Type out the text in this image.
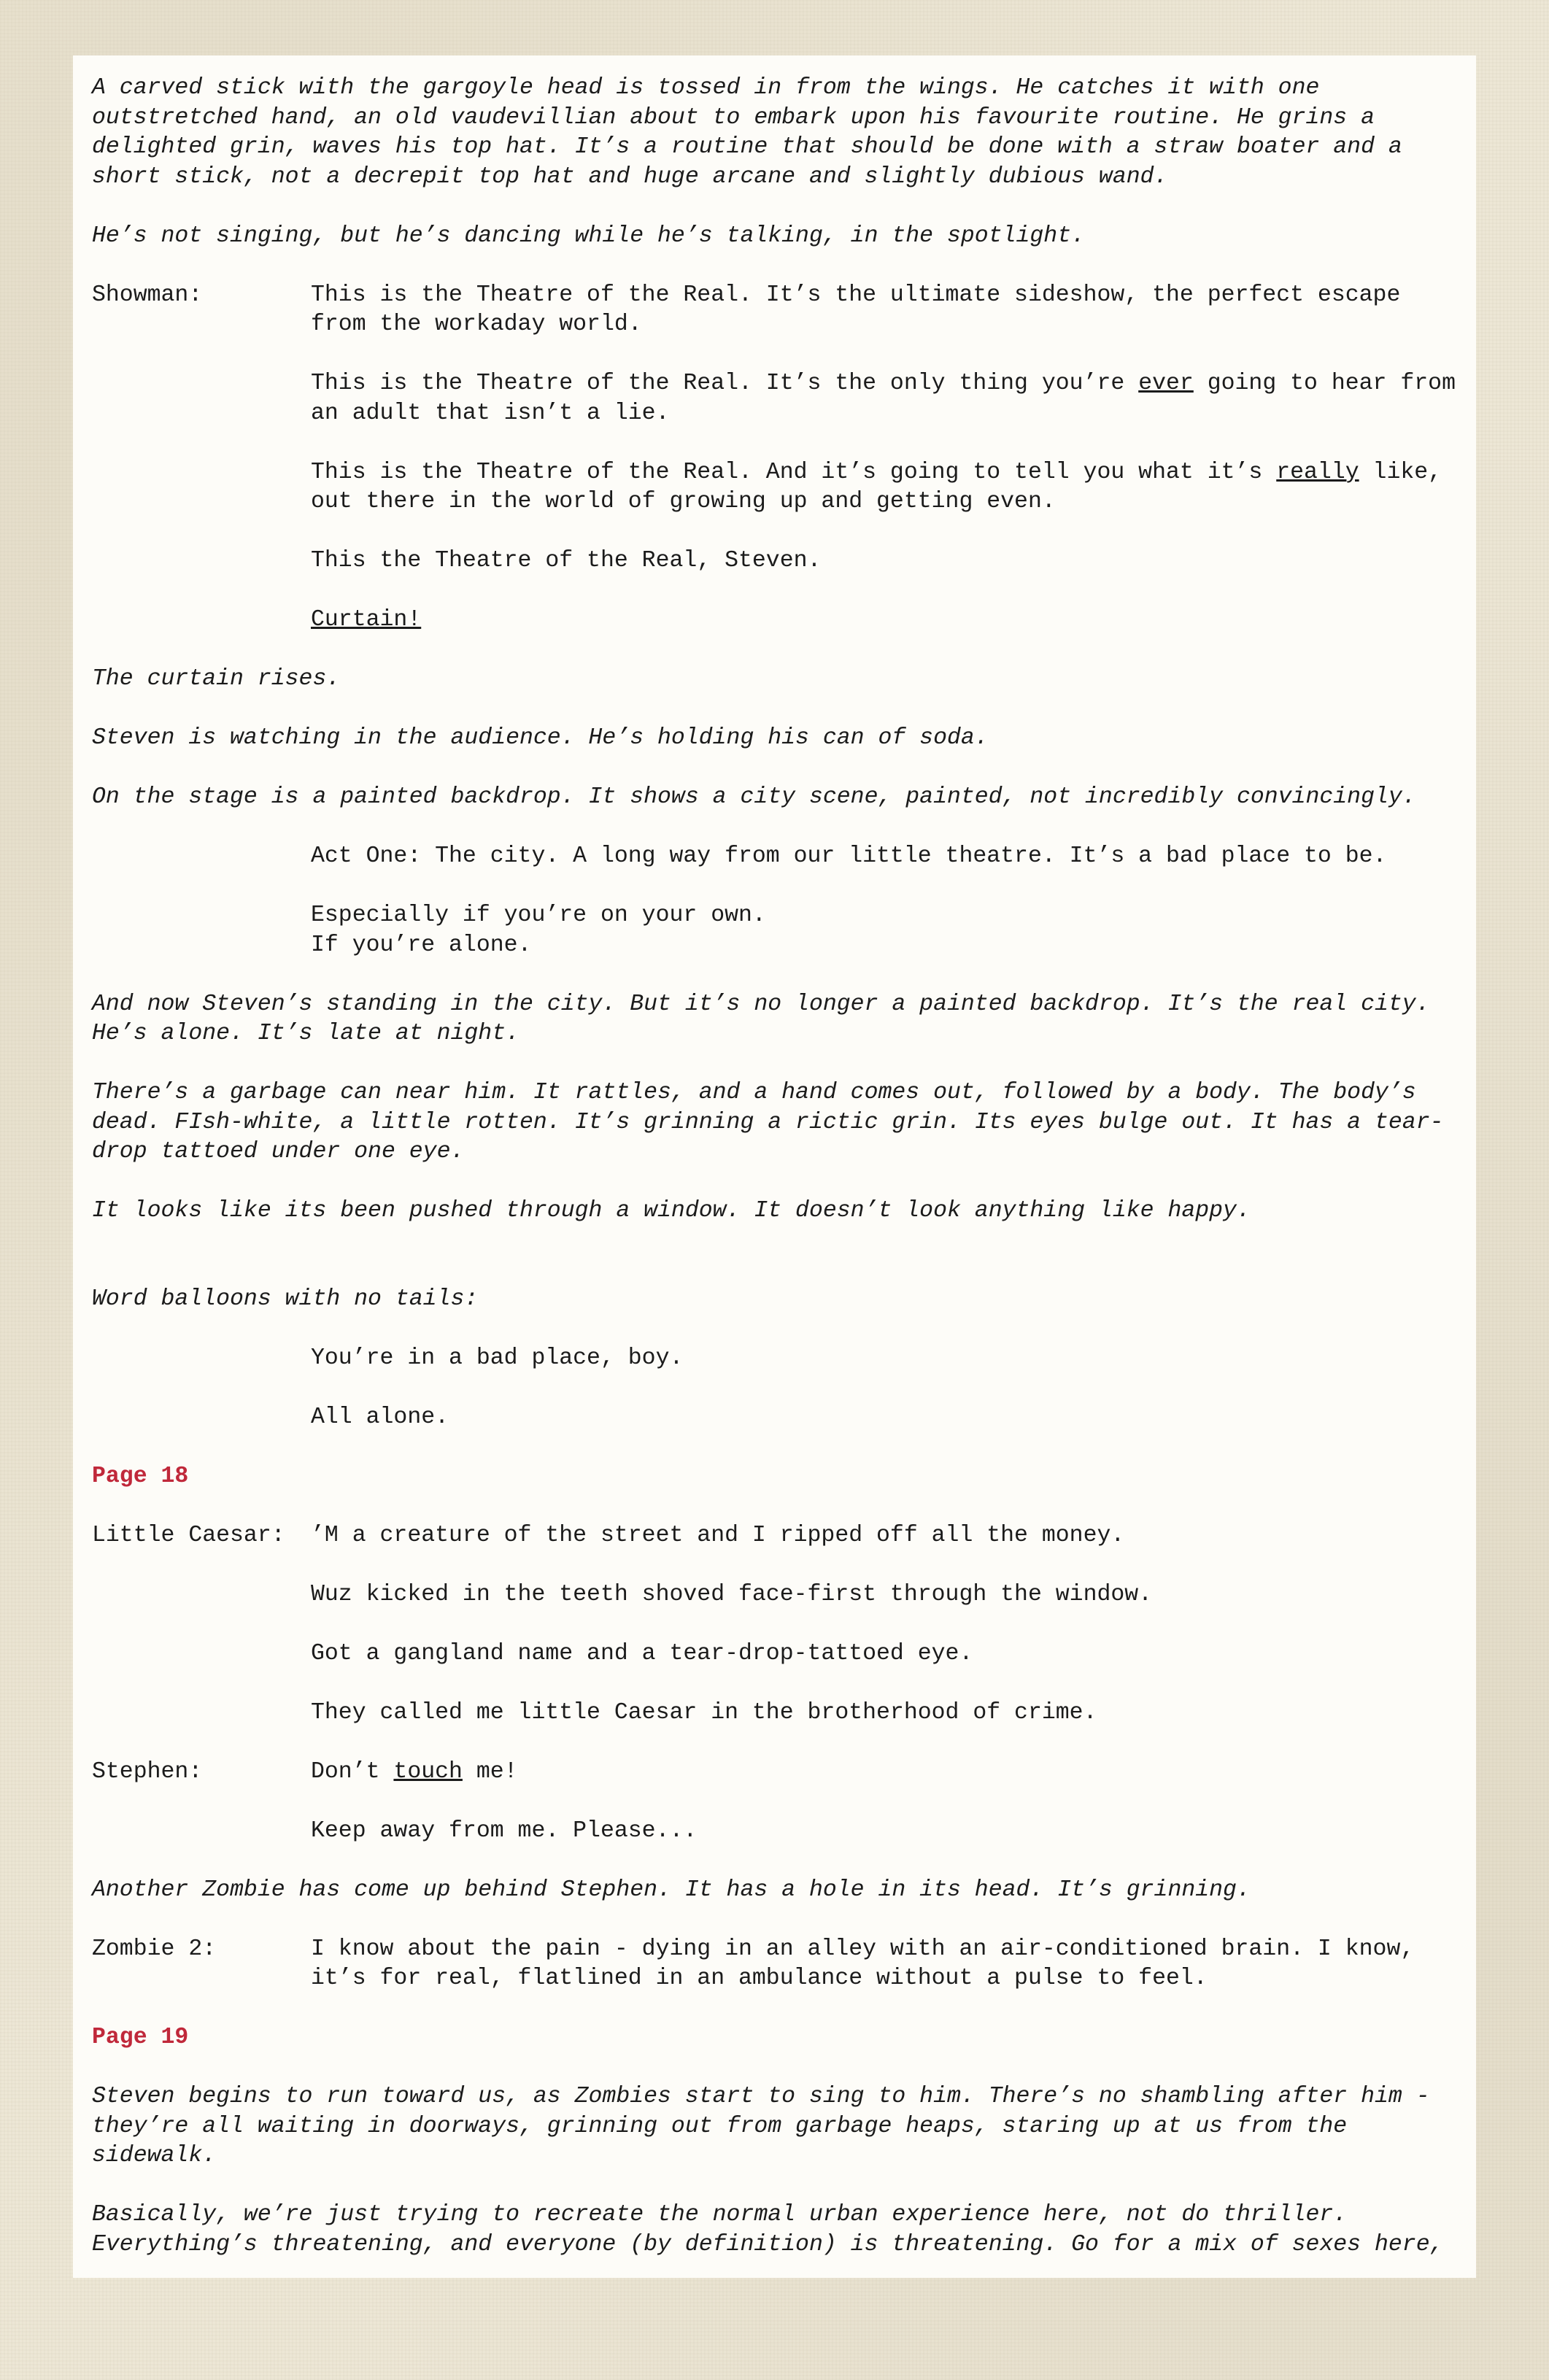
A carved stick with the gargoyle head is tossed in from the wings. He catches it with one outstretched hand, an old vaudevillian about to embark upon his favourite routine. He grins a delighted grin, waves his top hat. It’s a routine that should be done with a straw boater and a short stick, not a decrepit top hat and huge arcane and slightly dubious wand.

He’s not singing, but he’s dancing while he’s talking, in the spotlight.

Showman:	This is the Theatre of the Real. It’s the ultimate sideshow, the perfect escape from the workaday world.

This is the Theatre of the Real. It’s the only thing you’re ever going to hear from an adult that isn’t a lie.

This is the Theatre of the Real. And it’s going to tell you what it’s really like, out there in the world of growing up and getting even.

This the Theatre of the Real, Steven.

Curtain!

The curtain rises.

Steven is watching in the audience. He’s holding his can of soda.

On the stage is a painted backdrop. It shows a city scene, painted, not incredibly convincingly.

Act One: The city. A long way from our little theatre. It’s a bad place to be.

Especially if you’re on your own.

If you’re alone.

And now Steven’s standing in the city. But it’s no longer a painted backdrop. It’s the real city. He’s alone. It’s late at night.

There’s a garbage can near him. It rattles, and a hand comes out, followed by a body. The body’s dead. FIsh-white, a little rotten. It’s grinning a rictic grin. Its eyes bulge out. It has a tear-drop tattoed under one eye.

It looks like its been pushed through a window. It doesn’t look anything like happy.

Word balloons with no tails:

You’re in a bad place, boy.

All alone.

Page 18

Little Caesar:	’M a creature of the street and I ripped off all the money.

Wuz kicked in the teeth shoved face-first through the window.

Got a gangland name and a tear-drop-tattoed eye.

They called me little Caesar in the brotherhood of crime.

Stephen:	Don’t touch me!

Keep away from me. Please...

Another Zombie has come up behind Stephen. It has a hole in its head. It’s grinning.

Zombie 2:	I know about the pain - dying in an alley with an air-conditioned brain. I know, it’s for real, flatlined in an ambulance without a pulse to feel.

Page 19

Steven begins to run toward us, as Zombies start to sing to him. There’s no shambling after him - they’re all waiting in doorways, grinning out from garbage heaps, staring up at us from the sidewalk.

Basically, we’re just trying to recreate the normal urban experience here, not do thriller. Everything’s threatening, and everyone (by definition) is threatening. Go for a mix of sexes here,
